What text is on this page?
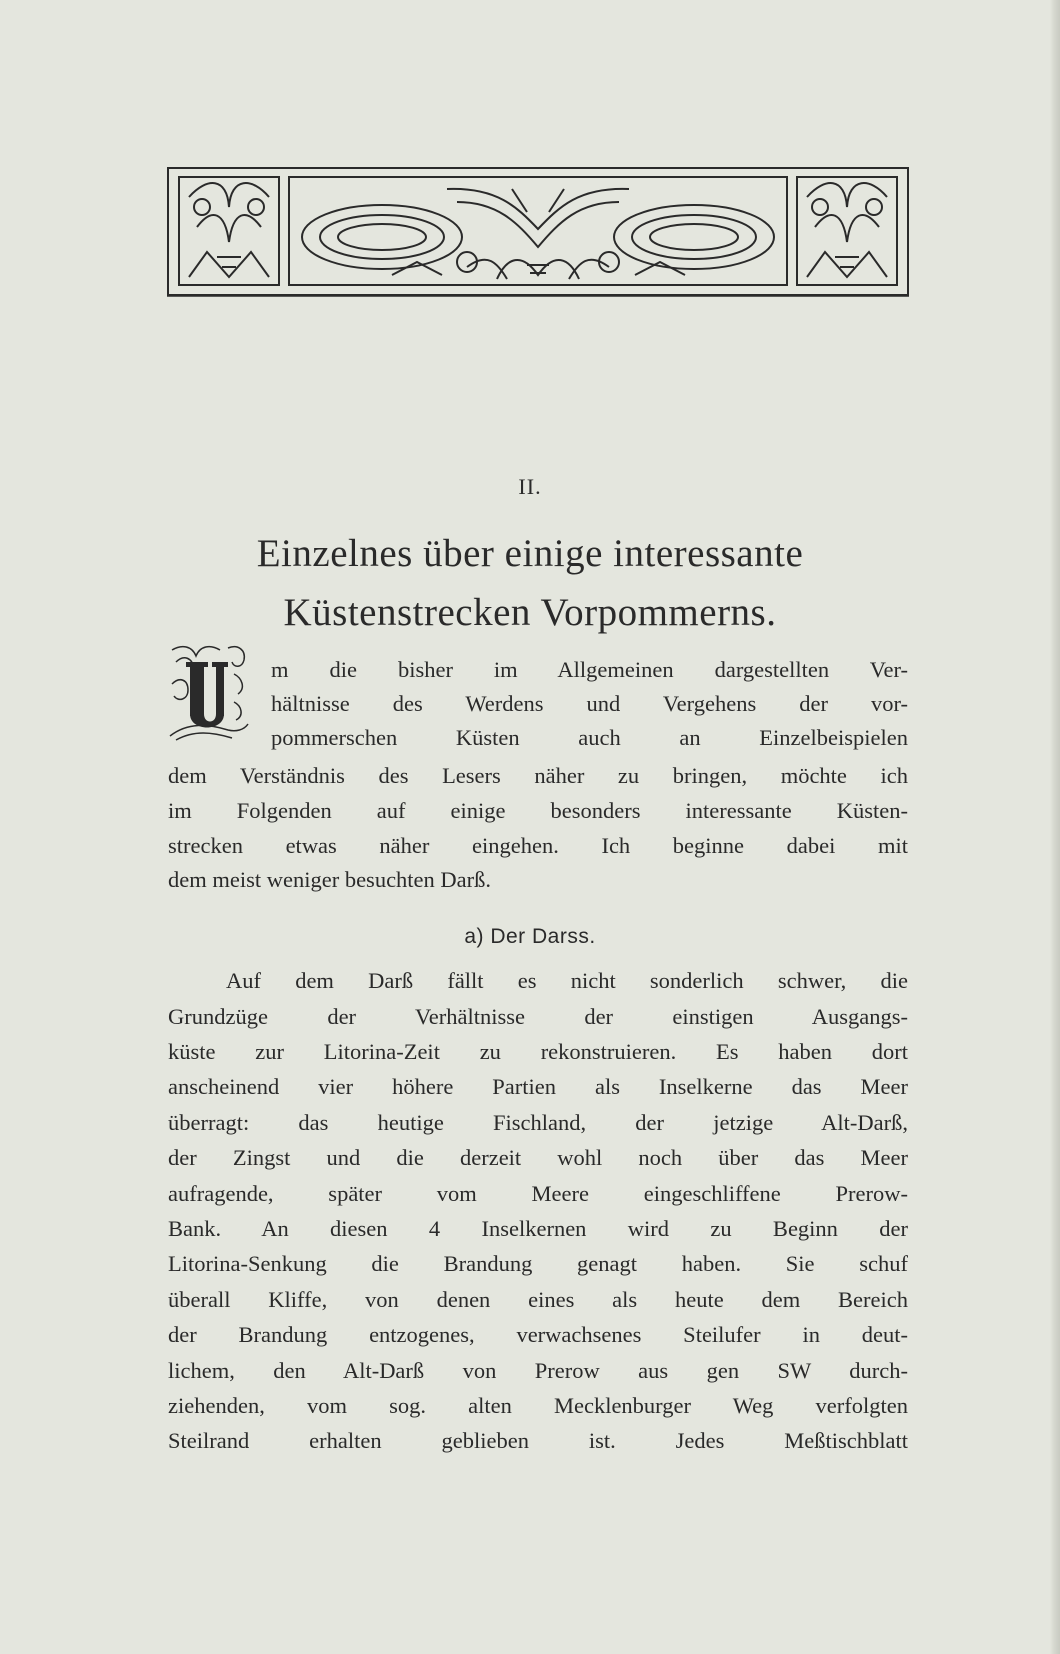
II.
Einzelnes über einige interessante
Küstenstrecken Vorpommerns.
m die bisher im Allgemeinen dargestellten Ver-
hältnisse des Werdens und Vergehens der vor-
pommerschen Küsten auch an Einzelbeispielen
dem Verständnis des Lesers näher zu bringen, möchte ich
im Folgenden auf einige besonders interessante Küsten-
strecken etwas näher eingehen. Ich beginne dabei mit
dem meist weniger besuchten Darß.
a) Der Darss.
Auf dem Darß fällt es nicht sonderlich schwer, die
Grundzüge der Verhältnisse der einstigen Ausgangs-
küste zur Litorina-Zeit zu rekonstruieren. Es haben dort
anscheinend vier höhere Partien als Inselkerne das Meer
überragt: das heutige Fischland, der jetzige Alt-Darß,
der Zingst und die derzeit wohl noch über das Meer
aufragende, später vom Meere eingeschliffene Prerow-
Bank. An diesen 4 Inselkernen wird zu Beginn der
Litorina-Senkung die Brandung genagt haben. Sie schuf
überall Kliffe, von denen eines als heute dem Bereich
der Brandung entzogenes, verwachsenes Steilufer in deut-
lichem, den Alt-Darß von Prerow aus gen SW durch-
ziehenden, vom sog. alten Mecklenburger Weg verfolgten
Steilrand erhalten geblieben ist. Jedes Meßtischblatt
